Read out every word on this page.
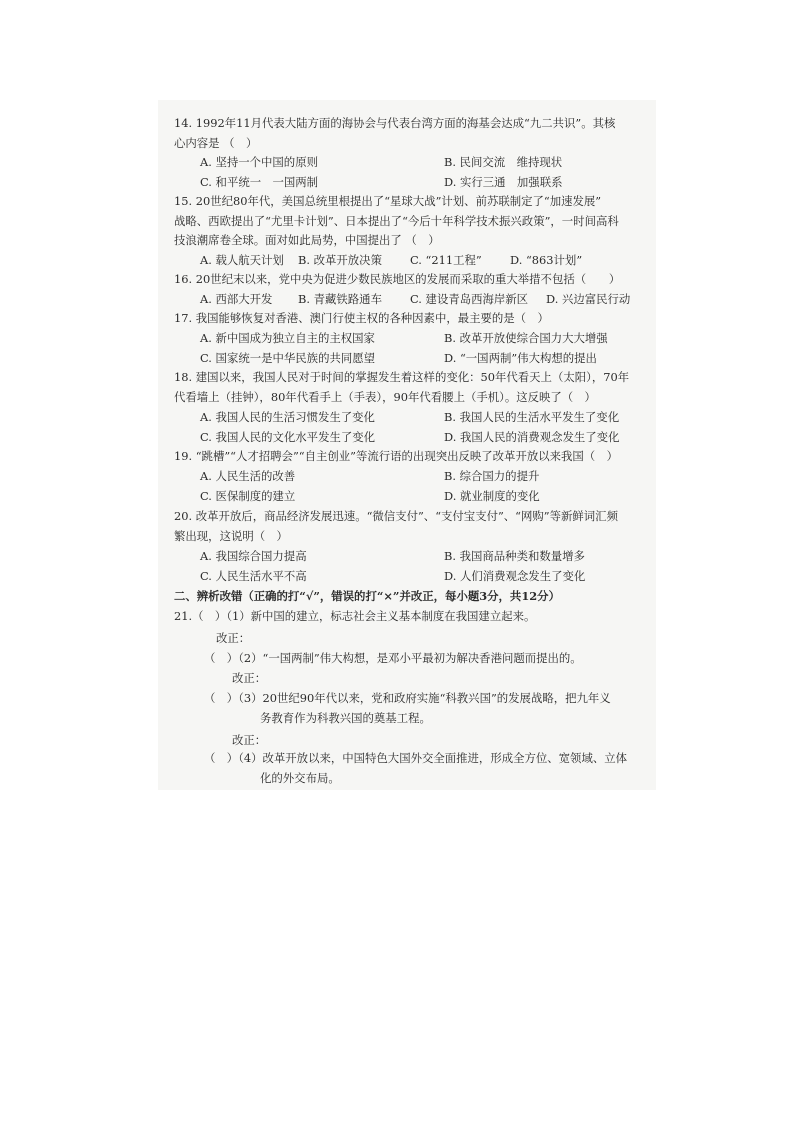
14. 1992年11月代表大陆方面的海协会与代表台湾方面的海基会达成“九二共识”。其核
心内容是 （　）
A. 坚持一个中国的原则	B. 民间交流　维持现状
C. 和平统一　一国两制	D. 实行三通　加强联系
15. 20世纪80年代，美国总统里根提出了“星球大战”计划、前苏联制定了“加速发展”
战略、西欧提出了“尤里卡计划”、日本提出了“今后十年科学技术振兴政策”，一时间高科
技浪潮席卷全球。面对如此局势，中国提出了 （　）
A. 载人航天计划 B. 改革开放决策 C. “211工程” D. “863计划”
16. 20世纪末以来，党中央为促进少数民族地区的发展而采取的重大举措不包括（　　）
A. 西部大开发 B. 青藏铁路通车 C. 建设青岛西海岸新区 D. 兴边富民行动
17. 我国能够恢复对香港、澳门行使主权的各种因素中，最主要的是（　）
A. 新中国成为独立自主的主权国家	B. 改革开放使综合国力大大增强
C. 国家统一是中华民族的共同愿望	D. “一国两制”伟大构想的提出
18. 建国以来，我国人民对于时间的掌握发生着这样的变化：50年代看天上（太阳），70年
代看墙上（挂钟），80年代看手上（手表），90年代看腰上（手机）。这反映了（　）
A. 我国人民的生活习惯发生了变化	B. 我国人民的生活水平发生了变化
C. 我国人民的文化水平发生了变化	D. 我国人民的消费观念发生了变化
19. “跳槽”“人才招聘会”“自主创业”等流行语的出现突出反映了改革开放以来我国（　）
A. 人民生活的改善	B. 综合国力的提升
C. 医保制度的建立	D. 就业制度的变化
20. 改革开放后，商品经济发展迅速。“微信支付”、“支付宝支付”、“网购”等新鲜词汇频
繁出现，这说明（　）
A. 我国综合国力提高	B. 我国商品种类和数量增多
C. 人民生活水平不高	D. 人们消费观念发生了变化
二、辨析改错（正确的打“√”，错误的打“×”并改正，每小题3分，共12分）
21.（　）（1）新中国的建立，标志社会主义基本制度在我国建立起来。
改正：
（　）（2）“一国两制”伟大构想，是邓小平最初为解决香港问题而提出的。
改正：
（　）（3）20世纪90年代以来，党和政府实施“科教兴国”的发展战略，把九年义
务教育作为科教兴国的奠基工程。
改正：
（　）（4）改革开放以来，中国特色大国外交全面推进，形成全方位、宽领域、立体
化的外交布局。
